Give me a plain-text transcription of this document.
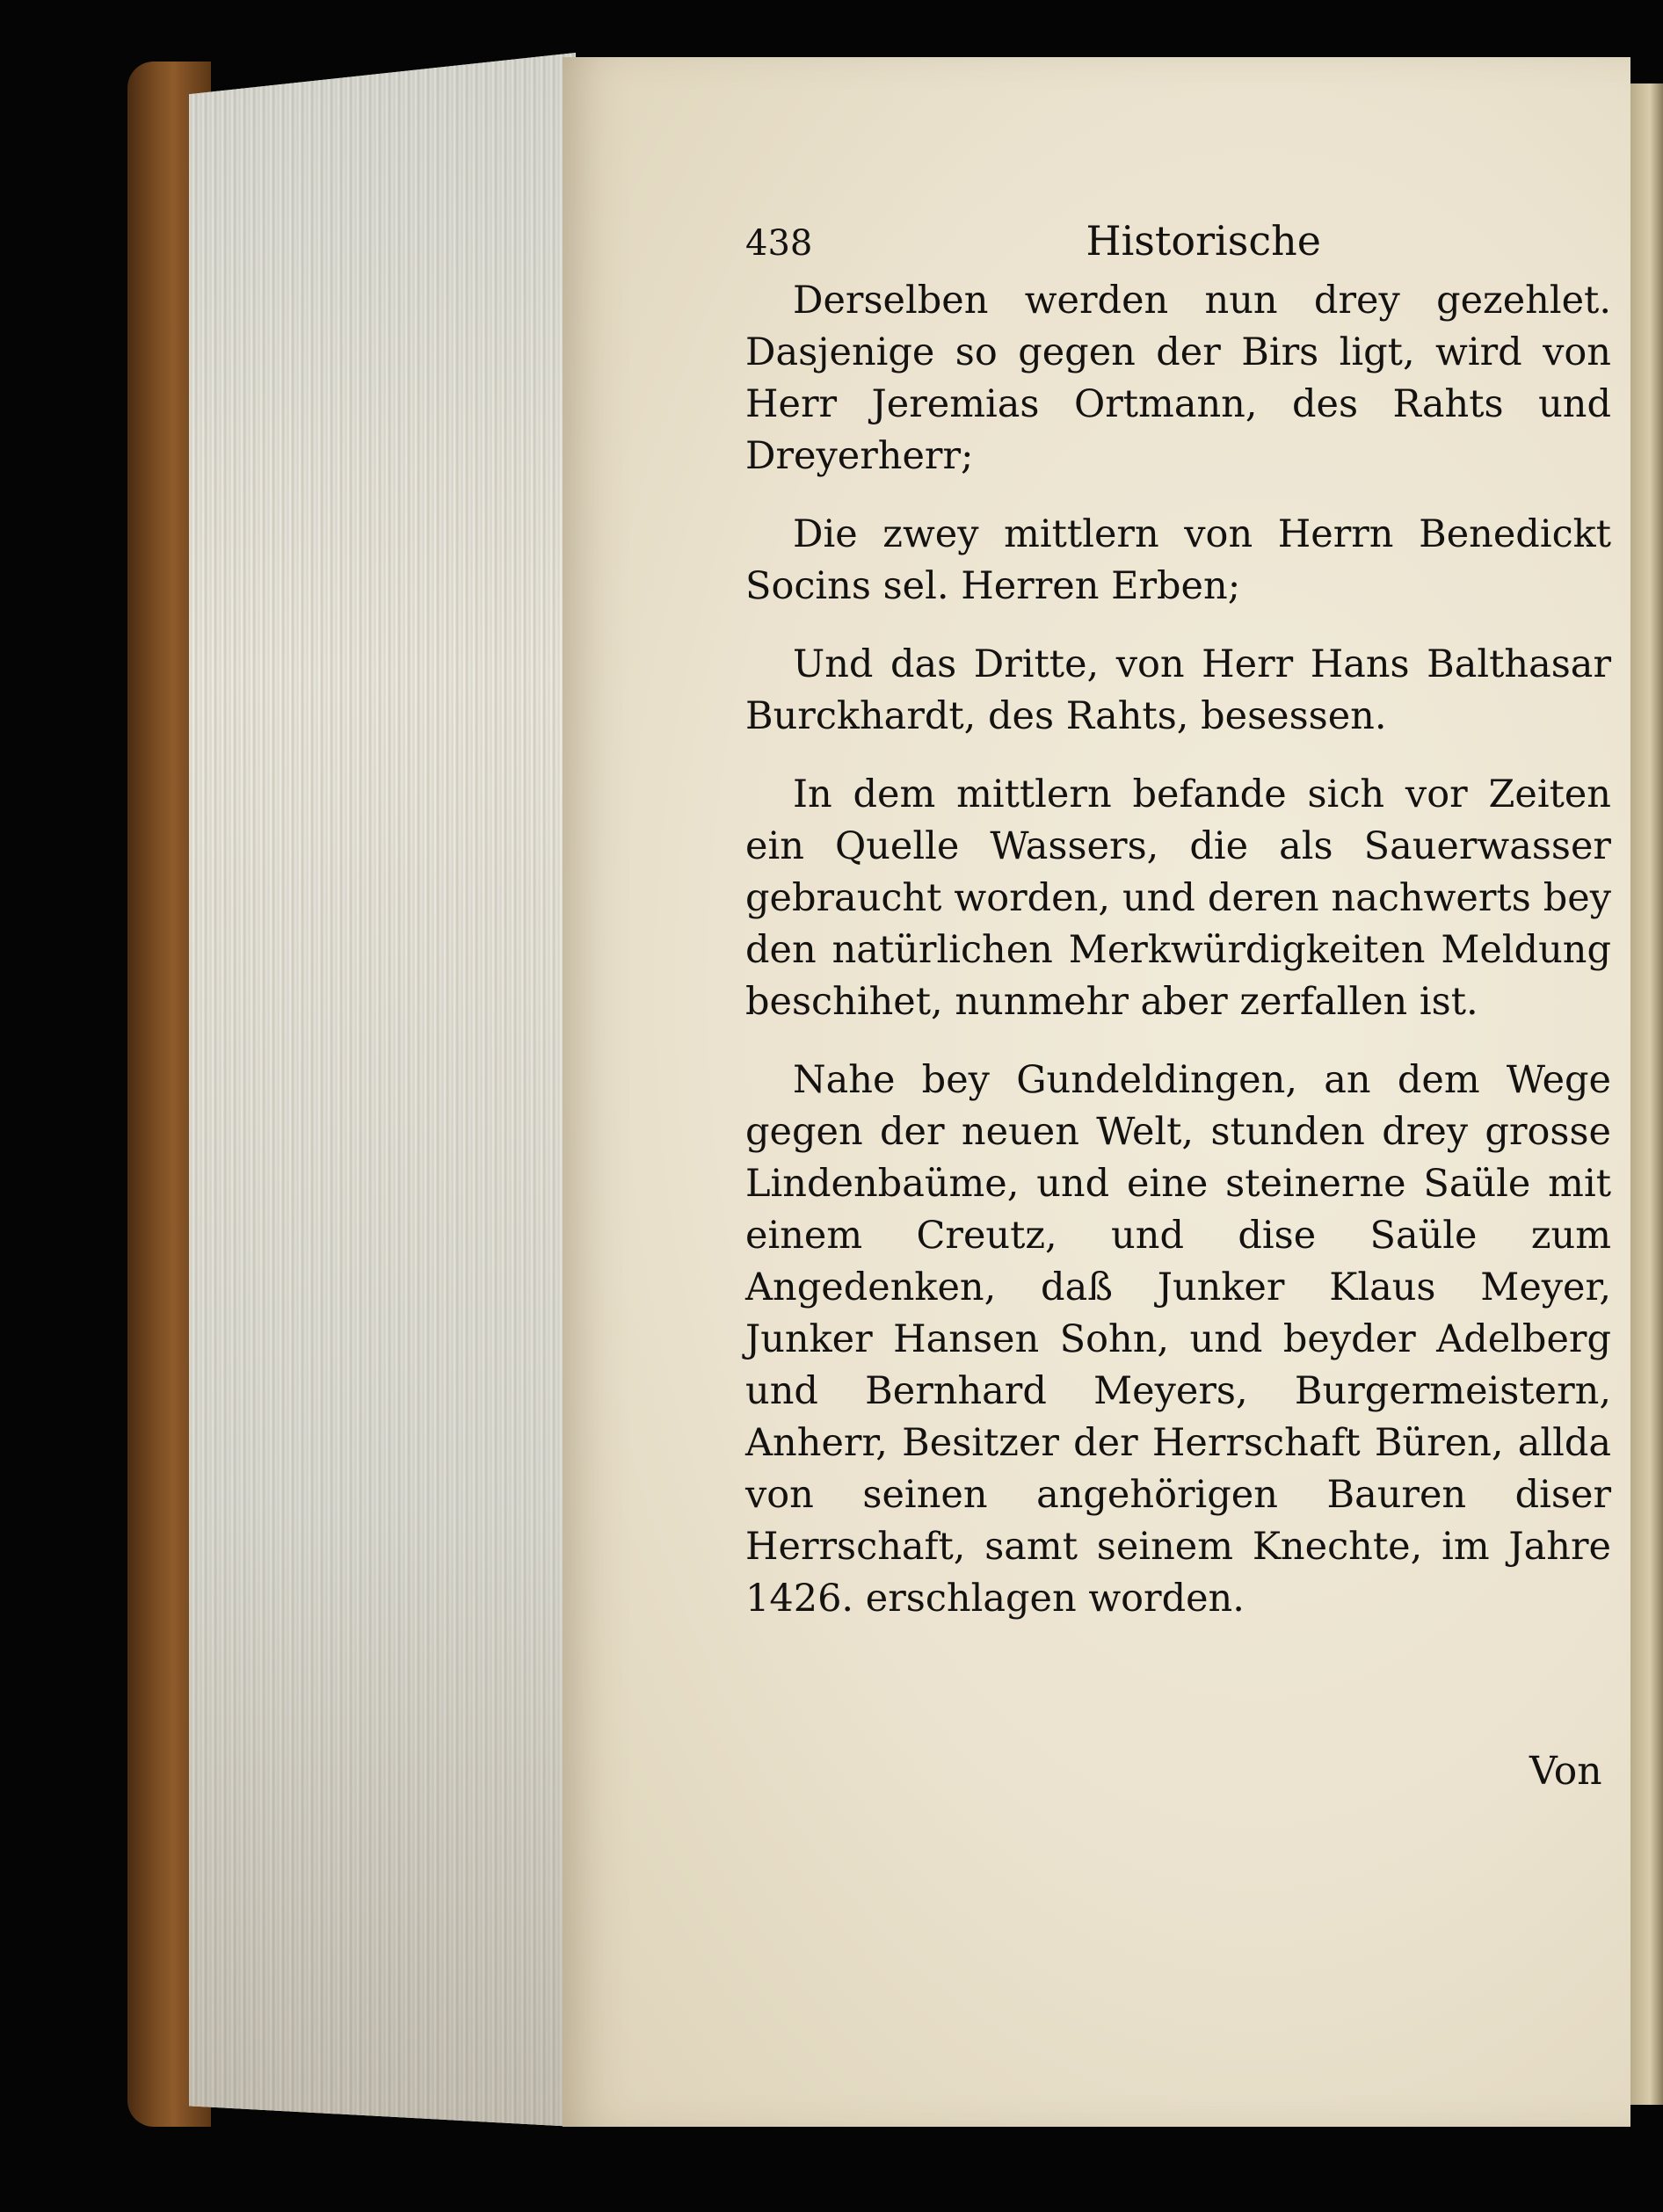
438	Historische

Derselben werden nun drey gezehlet. Dasjenige so gegen der Birs ligt, wird von Herr Jeremias Ortmann, des Rahts und Dreyerherr;

Die zwey mittlern von Herrn Benedickt Socins sel. Herren Erben;

Und das Dritte, von Herr Hans Balthasar Burckhardt, des Rahts, besessen.

In dem mittlern befande sich vor Zeiten ein Quelle Wassers, die als Sauerwasser gebraucht worden, und deren nachwerts bey den natürlichen Merkwürdigkeiten Meldung beschihet, nunmehr aber zerfallen ist.

Nahe bey Gundeldingen, an dem Wege gegen der neuen Welt, stunden drey grosse Lindenbaüme, und eine steinerne Saüle mit einem Creutz, und dise Saüle zum Angedenken, daß Junker Klaus Meyer, Junker Hansen Sohn, und beyder Adelberg und Bernhard Meyers, Burgermeistern, Anherr, Besitzer der Herrschaft Büren, allda von seinen angehörigen Bauren diser Herrschaft, samt seinem Knechte, im Jahre 1426. erschlagen worden.

Von
